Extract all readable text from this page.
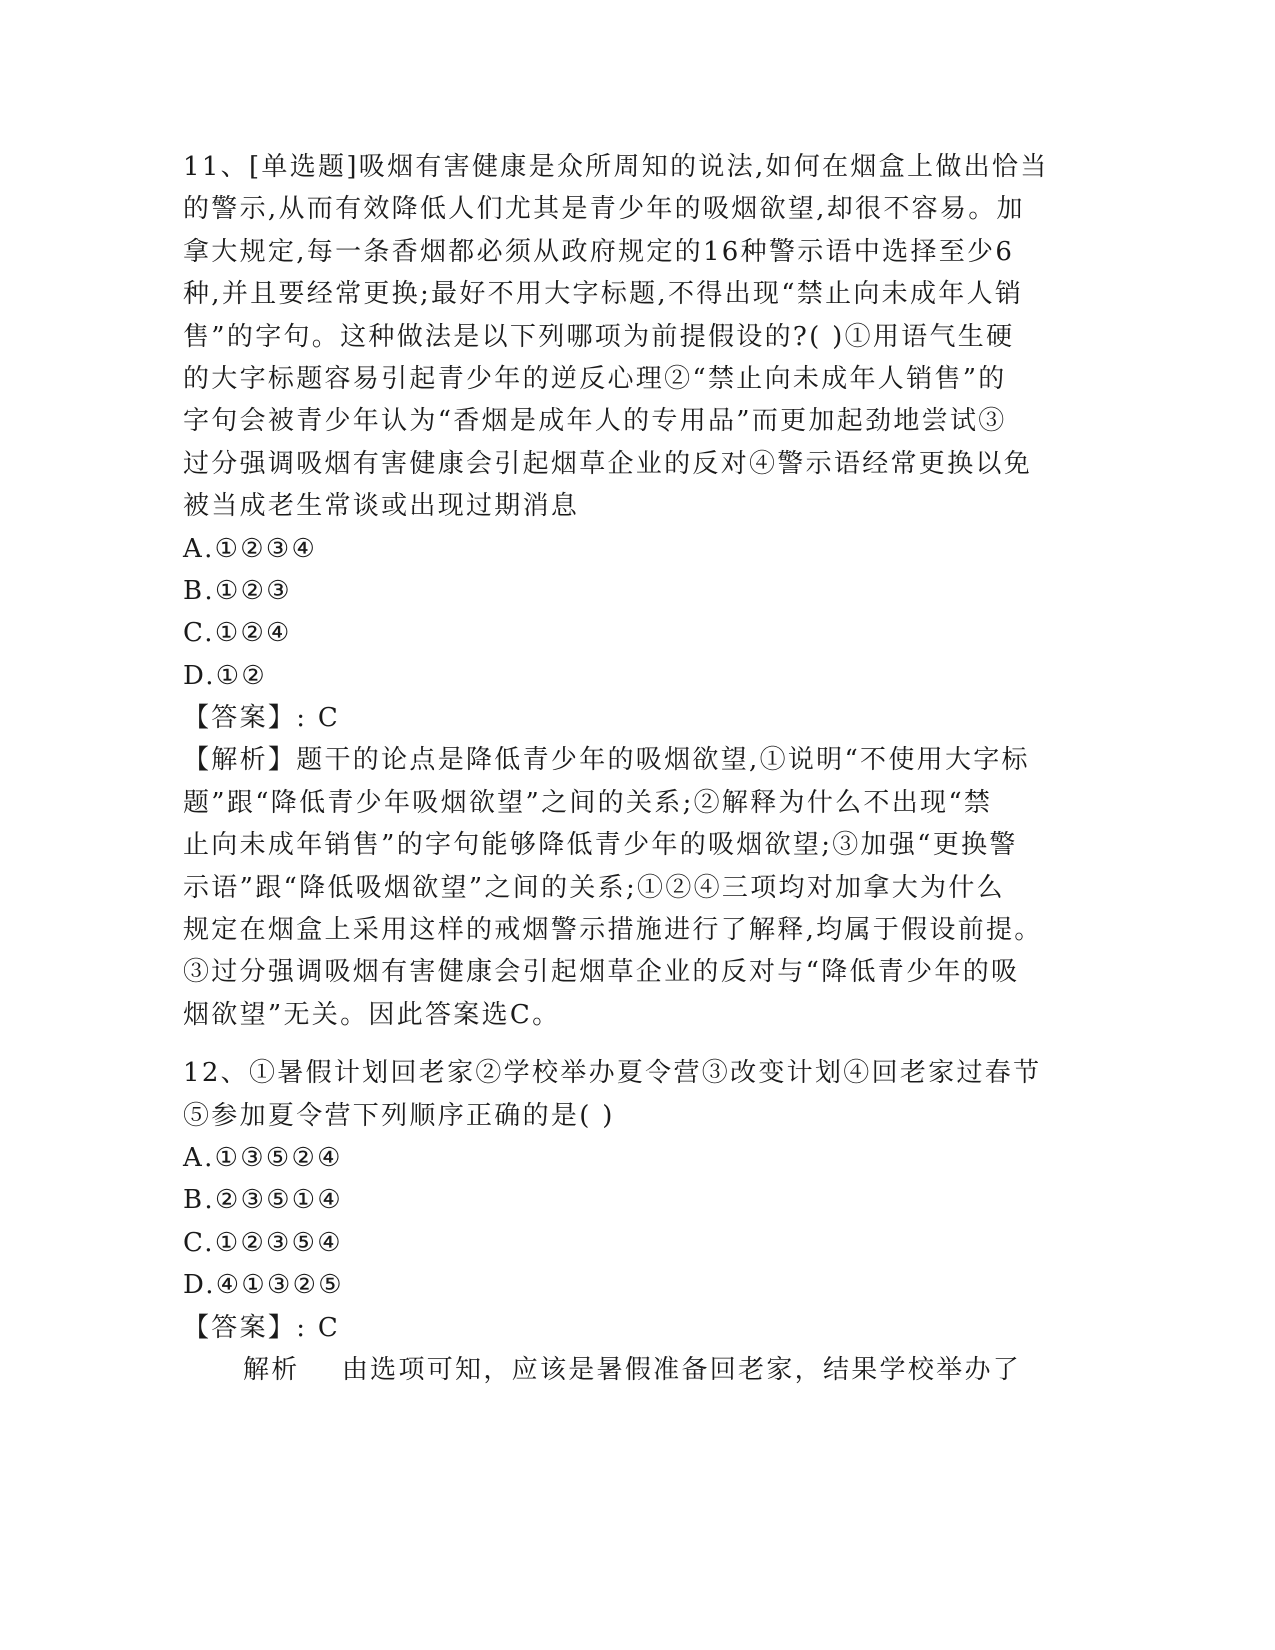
11、[单选题]吸烟有害健康是众所周知的说法,如何在烟盒上做出恰当
的警示,从而有效降低人们尤其是青少年的吸烟欲望,却很不容易。加
拿大规定,每一条香烟都必须从政府规定的16种警示语中选择至少6
种,并且要经常更换;最好不用大字标题,不得出现“禁止向未成年人销
售”的字句。这种做法是以下列哪项为前提假设的?( )①用语气生硬
的大字标题容易引起青少年的逆反心理②“禁止向未成年人销售”的
字句会被青少年认为“香烟是成年人的专用品”而更加起劲地尝试③
过分强调吸烟有害健康会引起烟草企业的反对④警示语经常更换以免
被当成老生常谈或出现过期消息
A.①②③④
B.①②③
C.①②④
D.①②
【答案】: C
【解析】题干的论点是降低青少年的吸烟欲望,①说明“不使用大字标
题”跟“降低青少年吸烟欲望”之间的关系;②解释为什么不出现“禁
止向未成年销售”的字句能够降低青少年的吸烟欲望;③加强“更换警
示语”跟“降低吸烟欲望”之间的关系;①②④三项均对加拿大为什么
规定在烟盒上采用这样的戒烟警示措施进行了解释,均属于假设前提。
③过分强调吸烟有害健康会引起烟草企业的反对与“降低青少年的吸
烟欲望”无关。因此答案选C。
12、①暑假计划回老家②学校举办夏令营③改变计划④回老家过春节
⑤参加夏令营下列顺序正确的是( )
A.①③⑤②④
B.②③⑤①④
C.①②③⑤④
D.④①③②⑤
【答案】: C
解析    由选项可知，应该是暑假准备回老家，结果学校举办了
